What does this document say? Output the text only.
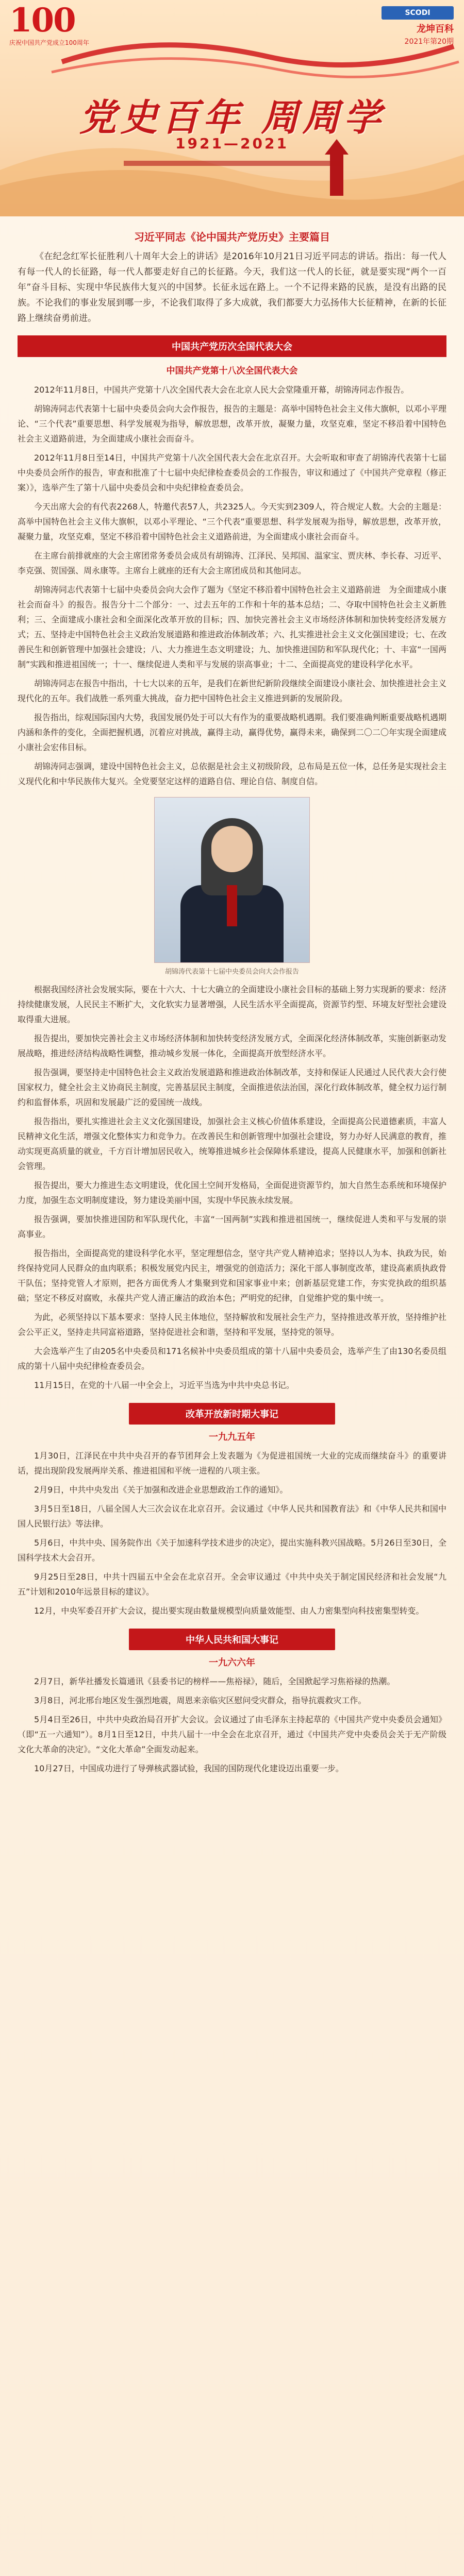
100
庆祝中国共产党成立100周年
SCODI
龙坤百科
2021年第20期
党史百年 周周学
1921—2021
习近平同志《论中国共产党历史》主要篇目

《在纪念红军长征胜利八十周年大会上的讲话》是2016年10月21日习近平同志的讲话。指出：每一代人有每一代人的长征路，每一代人都要走好自己的长征路。今天，我们这一代人的长征，就是要实现“两个一百年”奋斗目标、实现中华民族伟大复兴的中国梦。长征永远在路上。一个不记得来路的民族，是没有出路的民族。不论我们的事业发展到哪一步，不论我们取得了多大成就，我们都要大力弘扬伟大长征精神，在新的长征路上继续奋勇前进。

中国共产党历次全国代表大会
中国共产党第十八次全国代表大会

2012年11月8日，中国共产党第十八次全国代表大会在北京人民大会堂隆重开幕，胡锦涛同志作报告。

胡锦涛同志代表第十七届中央委员会向大会作报告，报告的主题是：高举中国特色社会主义伟大旗帜，以邓小平理论、“三个代表”重要思想、科学发展观为指导，解放思想，改革开放，凝聚力量，攻坚克难，坚定不移沿着中国特色社会主义道路前进，为全面建成小康社会而奋斗。

2012年11月8日至14日，中国共产党第十八次全国代表大会在北京召开。大会听取和审查了胡锦涛代表第十七届中央委员会所作的报告，审查和批准了十七届中央纪律检查委员会的工作报告，审议和通过了《中国共产党章程（修正案）》，选举产生了第十八届中央委员会和中央纪律检查委员会。

今天出席大会的有代表2268人，特邀代表57人，共2325人。今天实到2309人，符合规定人数。大会的主题是：高举中国特色社会主义伟大旗帜，以邓小平理论、“三个代表”重要思想、科学发展观为指导，解放思想，改革开放，凝聚力量，攻坚克难，坚定不移沿着中国特色社会主义道路前进，为全面建成小康社会而奋斗。

在主席台前排就座的大会主席团常务委员会成员有胡锦涛、江泽民、吴邦国、温家宝、贾庆林、李长春、习近平、李克强、贺国强、周永康等。主席台上就座的还有大会主席团成员和其他同志。

胡锦涛同志代表第十七届中央委员会向大会作了题为《坚定不移沿着中国特色社会主义道路前进　为全面建成小康社会而奋斗》的报告。报告分十二个部分：一、过去五年的工作和十年的基本总结；二、夺取中国特色社会主义新胜利；三、全面建成小康社会和全面深化改革开放的目标；四、加快完善社会主义市场经济体制和加快转变经济发展方式；五、坚持走中国特色社会主义政治发展道路和推进政治体制改革；六、扎实推进社会主义文化强国建设；七、在改善民生和创新管理中加强社会建设；八、大力推进生态文明建设；九、加快推进国防和军队现代化；十、丰富“一国两制”实践和推进祖国统一；十一、继续促进人类和平与发展的崇高事业；十二、全面提高党的建设科学化水平。

胡锦涛同志在报告中指出，十七大以来的五年，是我们在新世纪新阶段继续全面建设小康社会、加快推进社会主义现代化的五年。我们战胜一系列重大挑战，奋力把中国特色社会主义推进到新的发展阶段。

报告指出，综观国际国内大势，我国发展仍处于可以大有作为的重要战略机遇期。我们要准确判断重要战略机遇期内涵和条件的变化，全面把握机遇，沉着应对挑战，赢得主动，赢得优势，赢得未来，确保到二〇二〇年实现全面建成小康社会宏伟目标。

胡锦涛同志强调，建设中国特色社会主义，总依据是社会主义初级阶段，总布局是五位一体，总任务是实现社会主义现代化和中华民族伟大复兴。全党要坚定这样的道路自信、理论自信、制度自信。

胡锦涛代表第十七届中央委员会向大会作报告

根据我国经济社会发展实际，要在十六大、十七大确立的全面建设小康社会目标的基础上努力实现新的要求：经济持续健康发展，人民民主不断扩大，文化软实力显著增强，人民生活水平全面提高，资源节约型、环境友好型社会建设取得重大进展。

报告提出，要加快完善社会主义市场经济体制和加快转变经济发展方式，全面深化经济体制改革，实施创新驱动发展战略，推进经济结构战略性调整，推动城乡发展一体化，全面提高开放型经济水平。

报告强调，要坚持走中国特色社会主义政治发展道路和推进政治体制改革，支持和保证人民通过人民代表大会行使国家权力，健全社会主义协商民主制度，完善基层民主制度，全面推进依法治国，深化行政体制改革，健全权力运行制约和监督体系，巩固和发展最广泛的爱国统一战线。

报告指出，要扎实推进社会主义文化强国建设，加强社会主义核心价值体系建设，全面提高公民道德素质，丰富人民精神文化生活，增强文化整体实力和竞争力。在改善民生和创新管理中加强社会建设，努力办好人民满意的教育，推动实现更高质量的就业，千方百计增加居民收入，统筹推进城乡社会保障体系建设，提高人民健康水平，加强和创新社会管理。

报告提出，要大力推进生态文明建设，优化国土空间开发格局，全面促进资源节约，加大自然生态系统和环境保护力度，加强生态文明制度建设，努力建设美丽中国，实现中华民族永续发展。

报告强调，要加快推进国防和军队现代化，丰富“一国两制”实践和推进祖国统一，继续促进人类和平与发展的崇高事业。

报告指出，全面提高党的建设科学化水平，坚定理想信念，坚守共产党人精神追求；坚持以人为本、执政为民，始终保持党同人民群众的血肉联系；积极发展党内民主，增强党的创造活力；深化干部人事制度改革，建设高素质执政骨干队伍；坚持党管人才原则，把各方面优秀人才集聚到党和国家事业中来；创新基层党建工作，夯实党执政的组织基础；坚定不移反对腐败，永葆共产党人清正廉洁的政治本色；严明党的纪律，自觉维护党的集中统一。

为此，必须坚持以下基本要求：坚持人民主体地位，坚持解放和发展社会生产力，坚持推进改革开放，坚持维护社会公平正义，坚持走共同富裕道路，坚持促进社会和谐，坚持和平发展，坚持党的领导。

大会选举产生了由205名中央委员和171名候补中央委员组成的第十八届中央委员会，选举产生了由130名委员组成的第十八届中央纪律检查委员会。

11月15日，在党的十八届一中全会上，习近平当选为中共中央总书记。

改革开放新时期大事记
一九九五年

1月30日，江泽民在中共中央召开的春节团拜会上发表题为《为促进祖国统一大业的完成而继续奋斗》的重要讲话，提出现阶段发展两岸关系、推进祖国和平统一进程的八项主张。

2月9日，中共中央发出《关于加强和改进企业思想政治工作的通知》。

3月5日至18日，八届全国人大三次会议在北京召开。会议通过《中华人民共和国教育法》和《中华人民共和国中国人民银行法》等法律。

5月6日，中共中央、国务院作出《关于加速科学技术进步的决定》，提出实施科教兴国战略。5月26日至30日，全国科学技术大会召开。

9月25日至28日，中共十四届五中全会在北京召开。全会审议通过《中共中央关于制定国民经济和社会发展“九五”计划和2010年远景目标的建议》。

12月，中央军委召开扩大会议，提出要实现由数量规模型向质量效能型、由人力密集型向科技密集型转变。

中华人民共和国大事记
一九六六年

2月7日，新华社播发长篇通讯《县委书记的榜样——焦裕禄》，随后，全国掀起学习焦裕禄的热潮。

3月8日，河北邢台地区发生强烈地震，周恩来亲临灾区慰问受灾群众，指导抗震救灾工作。

5月4日至26日，中共中央政治局召开扩大会议。会议通过了由毛泽东主持起草的《中国共产党中央委员会通知》（即“五一六通知”）。8月1日至12日，中共八届十一中全会在北京召开，通过《中国共产党中央委员会关于无产阶级文化大革命的决定》。“文化大革命”全面发动起来。

10月27日，中国成功进行了导弹核武器试验，我国的国防现代化建设迈出重要一步。
